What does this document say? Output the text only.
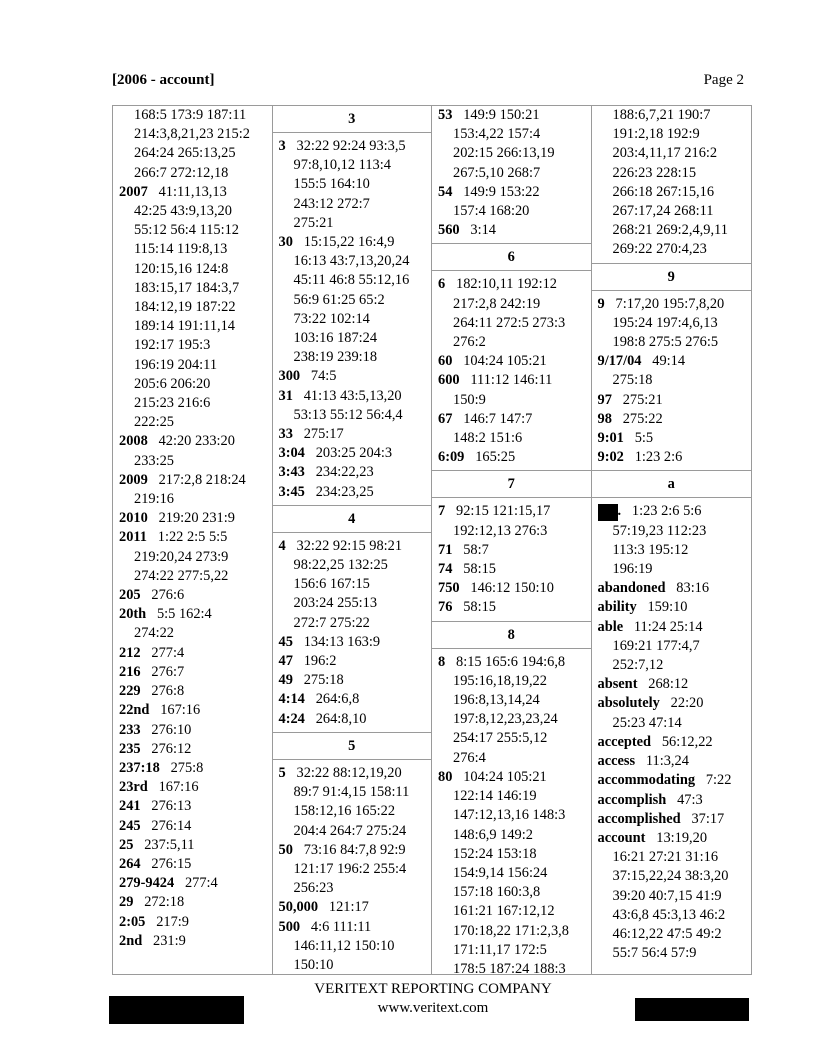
[2006 - account]	Page 2
168:5 173:9 187:11
214:3,8,21,23 215:2
264:24 265:13,25
266:7 272:12,18
2007 41:11,13,13
42:25 43:9,13,20
55:12 56:4 115:12
115:14 119:8,13
120:15,16 124:8
183:15,17 184:3,7
184:12,19 187:22
189:14 191:11,14
192:17 195:3
196:19 204:11
205:6 206:20
215:23 216:6
222:25
2008 42:20 233:20
233:25
2009 217:2,8 218:24
219:16
2010 219:20 231:9
2011 1:22 2:5 5:5
219:20,24 273:9
274:22 277:5,22
205 276:6
20th 5:5 162:4
274:22
212 277:4
216 276:7
229 276:8
22nd 167:16
233 276:10
235 276:12
237:18 275:8
23rd 167:16
241 276:13
245 276:14
25 237:5,11
264 276:15
279-9424 277:4
29 272:18
2:05 217:9
2nd 231:9
3
3 32:22 92:24 93:3,5
97:8,10,12 113:4
155:5 164:10
243:12 272:7
275:21
30 15:15,22 16:4,9
16:13 43:7,13,20,24
45:11 46:8 55:12,16
56:9 61:25 65:2
73:22 102:14
103:16 187:24
238:19 239:18
300 74:5
31 41:13 43:5,13,20
53:13 55:12 56:4,4
33 275:17
3:04 203:25 204:3
3:43 234:22,23
3:45 234:23,25
4
4 32:22 92:15 98:21
98:22,25 132:25
156:6 167:15
203:24 255:13
272:7 275:22
45 134:13 163:9
47 196:2
49 275:18
4:14 264:6,8
4:24 264:8,10
5
5 32:22 88:12,19,20
89:7 91:4,15 158:11
158:12,16 165:22
204:4 264:7 275:24
50 73:16 84:7,8 92:9
121:17 196:2 255:4
256:23
50,000 121:17
500 4:6 111:11
146:11,12 150:10
150:10
53 149:9 150:21
153:4,22 157:4
202:15 266:13,19
267:5,10 268:7
54 149:9 153:22
157:4 168:20
560 3:14
6
6 182:10,11 192:12
217:2,8 242:19
264:11 272:5 273:3
276:2
60 104:24 105:21
600 111:12 146:11
150:9
67 146:7 147:7
148:2 151:6
6:09 165:25
7
7 92:15 121:15,17
192:12,13 276:3
71 58:7
74 58:15
750 146:12 150:10
76 58:15
8
8 8:15 165:6 194:6,8
195:16,18,19,22
196:8,13,14,24
197:8,12,23,23,24
254:17 255:5,12
276:4
80 104:24 105:21
122:14 146:19
147:12,13,16 148:3
148:6,9 149:2
152:24 153:18
154:9,14 156:24
157:18 160:3,8
161:21 167:12,12
170:18,22 171:2,3,8
171:11,17 172:5
178:5 187:24 188:3
188:6,7,21 190:7
191:2,18 192:9
203:4,11,17 216:2
226:23 228:15
266:18 267:15,16
267:17,24 268:11
268:21 269:2,4,9,11
269:22 270:4,23
9
9 7:17,20 195:7,8,20
195:24 197:4,6,13
198:8 275:5 276:5
9/17/04 49:14
275:18
97 275:21
98 275:22
9:01 5:5
9:02 1:23 2:6
a
. 1:23 2:6 5:6
57:19,23 112:23
113:3 195:12
196:19
abandoned 83:16
ability 159:10
able 11:24 25:14
169:21 177:4,7
252:7,12
absent 268:12
absolutely 22:20
25:23 47:14
accepted 56:12,22
access 11:3,24
accommodating 7:22
accomplish 47:3
accomplished 37:17
account 13:19,20
16:21 27:21 31:16
37:15,22,24 38:3,20
39:20 40:7,15 41:9
43:6,8 45:3,13 46:2
46:12,22 47:5 49:2
55:7 56:4 57:9
VERITEXT REPORTING COMPANY
www.veritext.com
